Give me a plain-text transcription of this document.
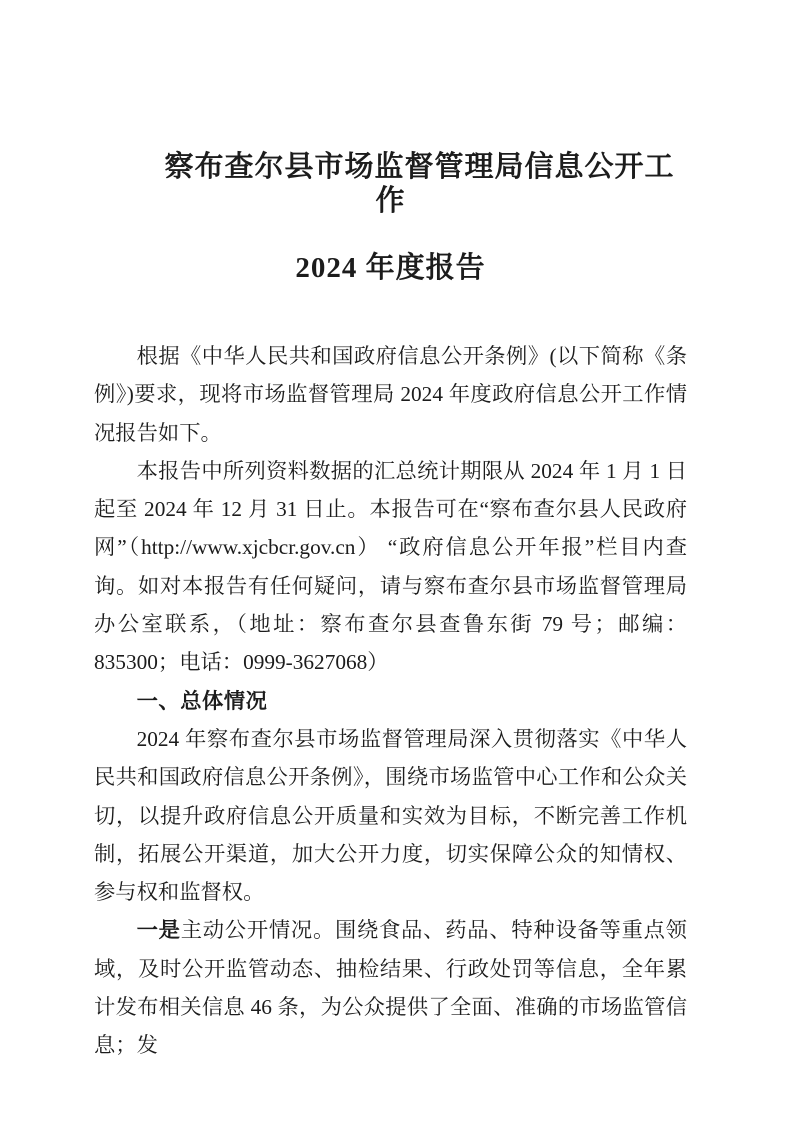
察布查尔县市场监督管理局信息公开工作
2024 年度报告

根据《中华人民共和国政府信息公开条例》(以下简称《条例》)要求，现将市场监督管理局 2024 年度政府信息公开工作情况报告如下。

本报告中所列资料数据的汇总统计期限从 2024 年 1 月 1 日起至 2024 年 12 月 31 日止。本报告可在“察布查尔县人民政府网”（http://www.xjcbcr.gov.cn） “政府信息公开年报”栏目内查询。如对本报告有任何疑问，请与察布查尔县市场监督管理局办公室联系，（地址：察布查尔县查鲁东街 79 号；邮编：835300；电话：0999-3627068）

一、总体情况

2024 年察布查尔县市场监督管理局深入贯彻落实《中华人民共和国政府信息公开条例》，围绕市场监管中心工作和公众关切，以提升政府信息公开质量和实效为目标，不断完善工作机制，拓展公开渠道，加大公开力度，切实保障公众的知情权、参与权和监督权。

一是主动公开情况。围绕食品、药品、特种设备等重点领域，及时公开监管动态、抽检结果、行政处罚等信息，全年累计发布相关信息 46 条，为公众提供了全面、准确的市场监管信息；发
